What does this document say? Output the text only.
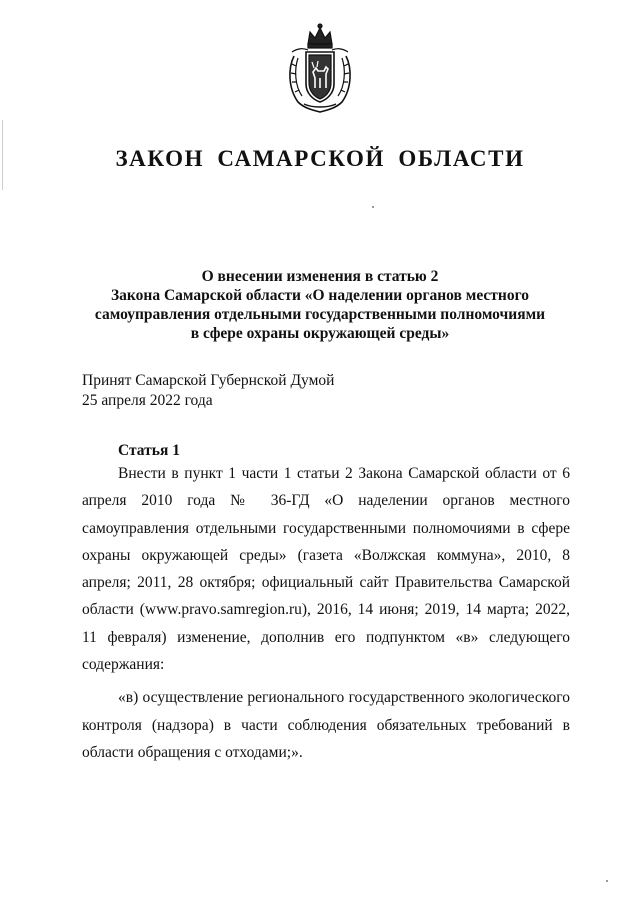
ЗАКОН САМАРСКОЙ ОБЛАСТИ
О внесении изменения в статью 2
Закона Самарской области «О наделении органов местного
самоуправления отдельными государственными полномочиями
в сфере охраны окружающей среды»
Принят Самарской Губернской Думой
25 апреля 2022 года
Статья 1

Внести в пункт 1 части 1 статьи 2 Закона Самарской области от 6 апреля 2010 года № 36-ГД «О наделении органов местного самоуправления отдельными государственными полномочиями в сфере охраны окружающей среды» (газета «Волжская коммуна», 2010, 8 апреля; 2011, 28 октября; официальный сайт Правительства Самарской области (www.pravo.samregion.ru), 2016, 14 июня; 2019, 14 марта; 2022, 11 февраля) изменение, дополнив его подпунктом «в» следующего содержания:

«в) осуществление регионального государственного экологического контроля (надзора) в части соблюдения обязательных требований в области обращения с отходами;».
